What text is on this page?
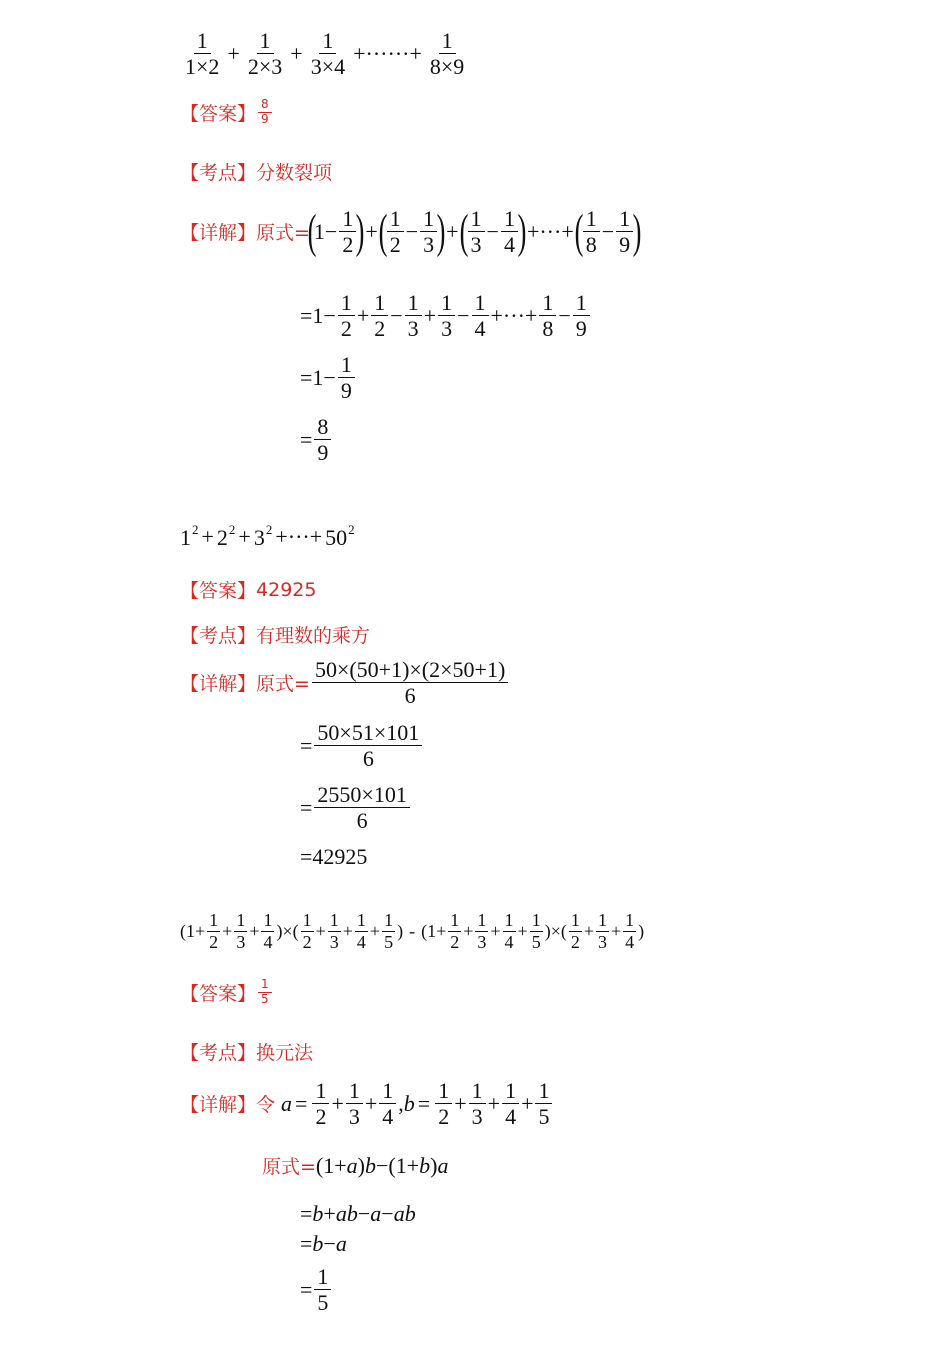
$\frac{1}{1\times 2} + \frac{1}{2\times 3} + \frac{1}{3\times 4}$ +······+ $\frac{1}{8\times 9}$
【答案】 $\frac{8}{9}$
【考点】 分数裂项
【详解】 原式=
(
$1- \frac{1}{2}$ ) + ( $\frac{1}{2} - \frac{1}{3}$ ) + ( $\frac{1}{3} - \frac{1}{4}$ ) +···+ ( $\frac{1}{8} - \frac{1}{9}$ )
$=1- \frac{1}{2} + \frac{1}{2} - \frac{1}{3} + \frac{1}{3} - \frac{1}{4}$ +···+ $\frac{1}{8} - \frac{1}{9}$
$=1- \frac{1}{9}$
= $\frac{8}{9}$
$1^2 + 2^2 + 3^2$ +···+ $50^2$
【答案】 42925
【考点】 有理数的乘方
【详解】 原式= $\frac{50\times(50+1)\times(2\times 50+1)}{6}$
= $\frac{50\times 51\times 101}{6}$
= $\frac{2550\times 101}{6}$
= 42925
($1+ \frac{1}{2} + \frac{1}{3} + \frac{1}{4}$ )×( $\frac{1}{2} + \frac{1}{3} + \frac{1}{4} + \frac{1}{5}$ ) - ($1+ \frac{1}{2} + \frac{1}{3} + \frac{1}{4} + \frac{1}{5}$ )×( $\frac{1}{2} + \frac{1}{3} + \frac{1}{4}$ )
【答案】 $\frac{1}{5}$
【考点】 换元法
【详解】 令 $a = \frac{1}{2} + \frac{1}{3} + \frac{1}{4}$ , $b = \frac{1}{2} + \frac{1}{3} + \frac{1}{4} + \frac{1}{5}$
原式= (1+a)b−(1+b)a
=b+ab−a−ab
=b−a
= $\frac{1}{5}$
